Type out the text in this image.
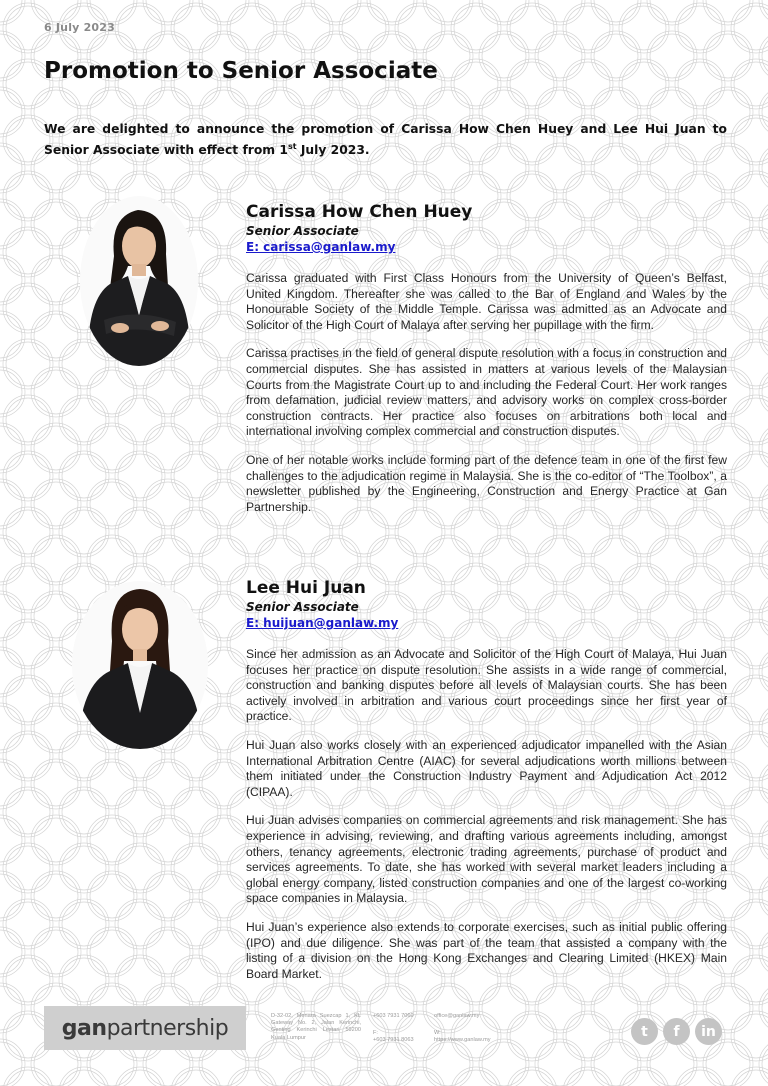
6 July 2023
Promotion to Senior Associate

We are delighted to announce the promotion of Carissa How Chen Huey and Lee Hui Juan to Senior Associate with effect from 1st July 2023.

Carissa How Chen Huey
Senior Associate
E: carissa@ganlaw.my

Carissa graduated with First Class Honours from the University of Queen’s Belfast, United Kingdom. Thereafter she was called to the Bar of England and Wales by the Honourable Society of the Middle Temple. Carissa was admitted as an Advocate and Solicitor of the High Court of Malaya after serving her pupillage with the firm.

Carissa practises in the field of general dispute resolution with a focus in construction and commercial disputes. She has assisted in matters at various levels of the Malaysian Courts from the Magistrate Court up to and including the Federal Court. Her work ranges from defamation, judicial review matters, and advisory works on complex cross-border construction contracts. Her practice also focuses on arbitrations both local and international involving complex commercial and construction disputes.

One of her notable works include forming part of the defence team in one of the first few challenges to the adjudication regime in Malaysia. She is the co-editor of “The Toolbox”, a newsletter published by the Engineering, Construction and Energy Practice at Gan Partnership.

Lee Hui Juan
Senior Associate
E: huijuan@ganlaw.my

Since her admission as an Advocate and Solicitor of the High Court of Malaya, Hui Juan focuses her practice on dispute resolution. She assists in a wide range of commercial, construction and banking disputes before all levels of Malaysian courts. She has been actively involved in arbitration and various court proceedings since her first year of practice.

Hui Juan also works closely with an experienced adjudicator impanelled with the Asian International Arbitration Centre (AIAC) for several adjudications worth millions between them initiated under the Construction Industry Payment and Adjudication Act 2012 (CIPAA).

Hui Juan advises companies on commercial agreements and risk management. She has experience in advising, reviewing, and drafting various agreements including, amongst others, tenancy agreements, electronic trading agreements, purchase of product and services agreements. To date, she has worked with several market leaders including a global energy company, listed construction companies and one of the largest co-working space companies in Malaysia.

Hui Juan’s experience also extends to corporate exercises, such as initial public offering (IPO) and due diligence. She was part of the team that assisted a company with the listing of a division on the Hong Kong Exchanges and Clearing Limited (HKEX) Main Board Market.

ganpartnership	D-32-02, Menara Suezcap 1, KL Gateway No. 2, Jalan Kerinchi, Genting Kerinchi Lestari 59200 Kuala Lumpur
+603 7931 7060
F:
+603 7931 8063
office@ganlaw.my
W:
https://www.ganlaw.my
t	f	in
